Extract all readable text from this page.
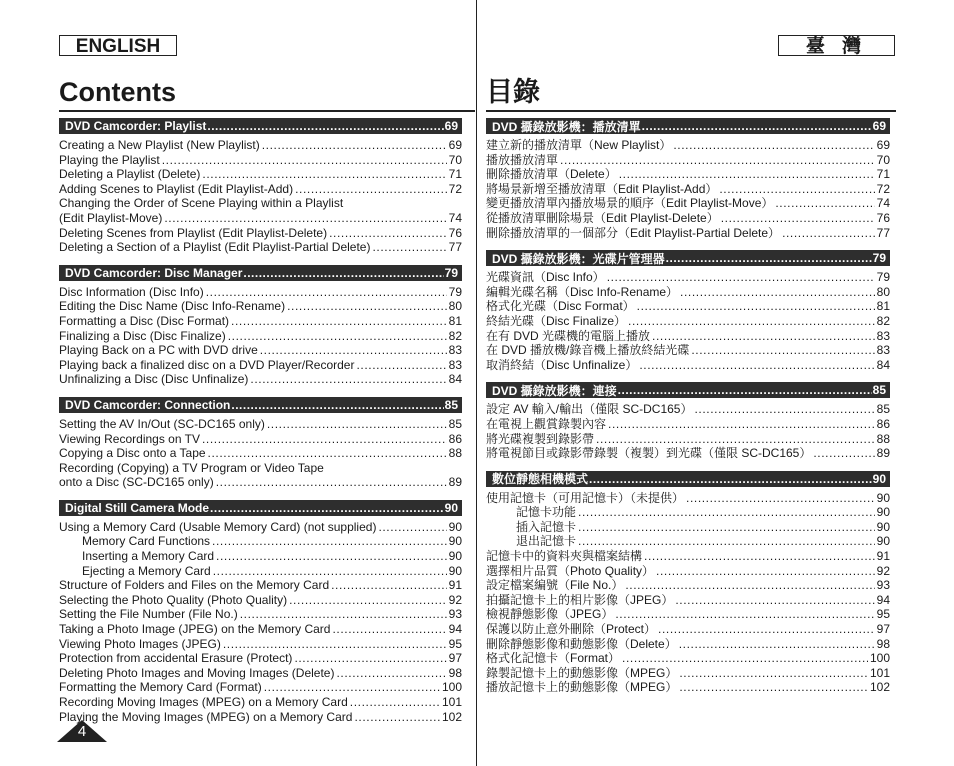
ENGLISH	臺 灣
Contents	目錄
DVD Camcorder: Playlist .....	69
Creating a New Playlist (New Playlist) .....	69
Playing the Playlist .....	70
Deleting a Playlist (Delete) .....	71
Adding Scenes to Playlist (Edit Playlist-Add) .....	72
Changing the Order of Scene Playing within a Playlist
(Edit Playlist-Move) .....	74
Deleting Scenes from Playlist (Edit Playlist-Delete) .....	76
Deleting a Section of a Playlist (Edit Playlist-Partial Delete) .....	77
DVD Camcorder: Disc Manager .....	79
Disc Information (Disc Info) .....	79
Editing the Disc Name (Disc Info-Rename) .....	80
Formatting a Disc (Disc Format) .....	81
Finalizing a Disc (Disc Finalize) .....	82
Playing Back on a PC with DVD drive .....	83
Playing back a finalized disc on a DVD Player/Recorder .....	83
Unfinalizing a Disc (Disc Unfinalize) .....	84
DVD Camcorder: Connection .....	85
Setting the AV In/Out (SC-DC165 only) .....	85
Viewing Recordings on TV .....	86
Copying a Disc onto a Tape .....	88
Recording (Copying) a TV Program or Video Tape
onto a Disc (SC-DC165 only) .....	89
Digital Still Camera Mode .....	90
Using a Memory Card (Usable Memory Card) (not supplied) .....	90
Memory Card Functions .....	90
Inserting a Memory Card .....	90
Ejecting a Memory Card .....	90
Structure of Folders and Files on the Memory Card .....	91
Selecting the Photo Quality (Photo Quality) .....	92
Setting the File Number (File No.) .....	93
Taking a Photo Image (JPEG) on the Memory Card .....	94
Viewing Photo Images (JPEG) .....	95
Protection from accidental Erasure (Protect) .....	97
Deleting Photo Images and Moving Images (Delete) .....	98
Formatting the Memory Card (Format) .....	100
Recording Moving Images (MPEG) on a Memory Card .....	101
Playing the Moving Images (MPEG) on a Memory Card .....	102
DVD 攝錄放影機：播放清單 .....	69
建立新的播放清單（New Playlist） .....	69
播放播放清單 .....	70
刪除播放清單（Delete） .....	71
將場景新增至播放清單（Edit Playlist-Add） .....	72
變更播放清單內播放場景的順序（Edit Playlist-Move） .....	74
從播放清單刪除場景（Edit Playlist-Delete） .....	76
刪除播放清單的一個部分（Edit Playlist-Partial Delete） .....	77
DVD 攝錄放影機：光碟片管理器 .....	79
光碟資訊（Disc Info） .....	79
編輯光碟名稱（Disc Info-Rename） .....	80
格式化光碟（Disc Format） .....	81
終結光碟（Disc Finalize） .....	82
在有 DVD 光碟機的電腦上播放 .....	83
在 DVD 播放機/錄音機上播放終結光碟 .....	83
取消終結（Disc Unfinalize） .....	84
DVD 攝錄放影機：連接 .....	85
設定 AV 輸入/輸出（僅限 SC-DC165） .....	85
在電視上觀賞錄製內容 .....	86
將光碟複製到錄影帶 .....	88
將電視節目或錄影帶錄製（複製）到光碟（僅限 SC-DC165） .....	89
數位靜態相機模式 .....	90
使用記憶卡（可用記憶卡）（未提供） .....	90
記憶卡功能 .....	90
插入記憶卡 .....	90
退出記憶卡 .....	90
記憶卡中的資料夾與檔案結構 .....	91
選擇相片品質（Photo Quality） .....	92
設定檔案編號（File No.） .....	93
拍攝記憶卡上的相片影像（JPEG） .....	94
檢視靜態影像（JPEG） .....	95
保護以防止意外刪除（Protect） .....	97
刪除靜態影像和動態影像（Delete） .....	98
格式化記憶卡（Format） .....	100
錄製記憶卡上的動態影像（MPEG） .....	101
播放記憶卡上的動態影像（MPEG） .....	102
4
